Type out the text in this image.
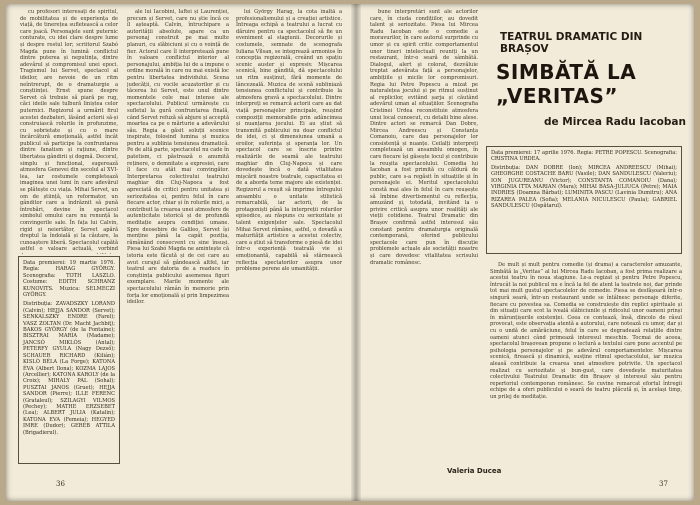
cu profesori interesați de spiritul, de mobilitatea și de experiența de viață, de tinerețea sufletească a celor care joacă. Personajele sunt puternic conturate, cu idei clare despre lume și despre rostul lor; scriitorul Szabó Magda pune în lumină conflictul dintre puterea și neputința, dintre adevărul și compromisul unei epoci. Tragismul lui Servet, spectacol al ideilor, are nevoie de un ritm neîntrerupt, de o dramaturgie a conștiinței. Ernst spune despre Servet că trebuie să piară pe rug, căci ideile sale tulbură liniștea celor puternici. Regizorul a urmărit firul acestei dezbateri, lăsând actorii să-și construiască rolurile în profunzime, cu sobrietate și cu o mare încărcătură emoțională, astfel încât publicul să participe la confruntarea dintre fanatism și rațiune, dintre libertatea gândirii și dogmă. Decorul, simplu și funcțional, sugerează atmosfera Genevei din secolul al XVI-lea, iar costumele completează imaginea unei lumi în care adevărul se plătește cu viața. Mihai Servet, un om de știință, un reformator, un gânditor care a îndrăznit să pună întrebări, devine în spectacol simbolul omului care nu renunță la convingerile sale. În fața lui Calvin, rigid și neiertător, Servet apără dreptul la îndoială și la căutare, la cunoaștere liberă. Spectacolul capătă astfel o valoare actuală, vorbind

Data premierei: 19 martie 1976. Regia: HARAG GYÖRGY. Scenografia: TOTH LASZLO. Costume: EDITH SCHRANZ KUNOVITS. Muzica: SELMECZI GYÖRGY.
Distribuția: ZAVADSZKY LORAND (Calvin); HEJJA SANDOR (Servet); SENKALSZKY ENDRE (Farel); VASZ ZOLTAN (Dr. Macht Jachbiţ); BAKOS GYÖRGY (de la Fontaine); BISZTRAI MARIA (Madame); JANCSÓ MIKLÓS (Antal); PETERFY GYULA (Nagy Dezső); SCHAUER RICHARD (Kilián); KISLÓ BÉLA (La Forge); KATONA ÉVA (Albert Ilona); KOZMA LAJOS (Arcellier); KATONA KAROLY (de la Croix); MIHALY PAL (Sohal); PUSZTAI JANOS (Gruet); HEJJA SANDOR (Pierre); ILLE FERENC (Grataleul); SZILAGYI VILMOS (Pechey); MATHE ERZSEBET (Lea); ALBERT JULIA (Katalin); KATONA EVA (Femeia); HEGYED IMRE (Dudor); GERÉB ATTILA (Brigadierul).

ale lui Iacobini, Iaftei și Laurenției, precum și Servet, care nu știe încă ce îl așteaptă. Calvin, întruchipare a autorității absolute, apare ca un personaj construit pe mai multe planuri, cu slăbiciuni și cu o voință de fier. Actorul care îl interpretează pune în valoare conflictul interior al personajului, ambiția lui de a impune o ordine morală în care nu mai există loc pentru libertatea individului. Scena judecății, cu vocile acuzatorilor și cu tăcerea lui Servet, este unul dintre momentele cele mai intense ale spectacolului. Publicul urmărește cu sufletul la gură confruntarea finală, când Servet refuză să abjure și acceptă moartea ca pe o mărturie a adevărului său. Regia a găsit soluții scenice inspirate, folosind lumina și muzica pentru a sublinia tensiunea dramatică. Pe de altă parte, spectacolul nu cade în patetism, ci păstrează o anumită reținere, o demnitate a expresiei, care îl face cu atât mai convingător. Interpretarea colectivului teatrului maghiar din Cluj-Napoca a fost apreciată de critici pentru unitatea și seriozitatea ei, pentru felul în care fiecare actor, chiar și în rolurile mici, a contribuit la crearea unei atmosfere de autenticitate istorică și de profundă meditație asupra condiției umane. Spre deosebire de Galileo, Servet își menține până la capăt poziția, rămânând consecvent cu sine însuși. Piesa lui Szabó Magda ne amintește că istoria este făcută și de cei care au avut curajul să gândească altfel, iar teatrul are datoria de a readuce în conștiința publicului asemenea figuri exemplare. Marile momente ale spectacolului rămân în memorie prin forța lor emoțională și prin limpezimea ideilor.

lui György Harag, la cota înaltă a profesionalismului și a creației artistice. Întreaga echipă a teatrului a lucrat cu dăruire pentru ca spectacolul să fie un eveniment al stagiunii. Decorurile și costumele, semnate de scenografa Iuliana Vîlsan, se integrează armonios în concepția regizorală, creând un spațiu scenic auster și expresiv. Mișcarea scenică, bine gândită, dă spectacolului un ritm susținut, fără momente de lâncezeală. Muzica de scenă subliniază tensiunea conflictului și contribuie la atmosfera gravă a spectacolului. Dintre interpreți se remarcă actorii care au dat viață personajelor principale, reușind compoziții memorabile prin adâncimea și nuanțarea jocului. Ei au știut să transmită publicului nu doar conflictul de idei, ci și dimensiunea umană a eroilor, suferința și speranța lor. Un spectacol care se înscrie printre realizările de seamă ale teatrului maghiar din Cluj-Napoca și care dovedește încă o dată vitalitatea mișcării noastre teatrale, capacitatea ei de a aborda teme majore ale existenței. Regizorul a reușit să imprime întregului ansamblu o unitate stilistică remarcabilă, iar actorii, de la protagoniști până la interpreții rolurilor episodice, au răspuns cu seriozitate și talent exigențelor sale. Spectacolul Mihai Servet rămâne, astfel, o dovadă a maturității artistice a acestui colectiv, care a știut să transforme o piesă de idei într-o experiență teatrală vie și emoționantă, capabilă să stârnească reflecția spectatorilor asupra unor probleme perene ale umanității.

36

bune interpretări sunt ale actorilor care, în ciuda condițiilor, au dovedit talent și seriozitate. Piesa lui Mircea Radu Iacoban este o comedie a moravurilor, în care autorul surprinde cu umor și cu spirit critic comportamentul unor tineri intelectuali reuniți la un restaurant, într-o seară de sâmbătă. Dialogul, alert și colorat, dezvăluie treptat adevărata față a personajelor, ambițiile și micile lor compromisuri. Regia lui Petre Popescu a mizat pe naturalețea jocului și pe ritmul susținut al replicilor, evitând șarja și căutând adevărul uman al situațiilor. Scenografia Cristinei Urdea reconstituie atmosfera unui local cunoscut, cu detalii bine alese. Dintre actori se remarcă Dan Dobre, Mircea Andreescu și Constanța Comanoiu, care dau personajelor lor consistență și nuanțe. Ceilalți interpreți completează un ansamblu omogen, în care fiecare își găsește locul și contribuie la reușita spectacolului. Comedia lui Iacoban a fost primită cu căldură de public, care s-a regăsit în situațiile și în personajele ei. Meritul spectacolului constă mai ales în felul în care reușește să îmbine divertismentul cu reflecția, amuzând și, totodată, invitând la o privire critică asupra unor realități ale vieții cotidiene. Teatrul Dramatic din Brașov confirmă astfel interesul său constant pentru dramaturgia originală contemporană, oferind publicului spectacole care pun în discuție problemele actuale ale societății noastre și care dovedesc vitalitatea scrisului dramatic românesc.

TEATRUL DRAMATIC DIN BRAȘOV
SIMBĂTĂ LA „VERITAS”
de Mircea Radu Iacoban
Data premierei: 17 aprilie 1976. Regia: PETRE POPESCU. Scenografia: CRISTINA URDEA.
Distribuția: DAN DOBRE (Ion); MIRCEA ANDREESCU (Mihai); GHEORGHE COSTACHE BARU (Vasile); DAN SANDULESCU (Valeriu); ION JUGUREANU (Victor); CONSTANTA COMANOIU (Dana); VIRGINIA ITTA MARIAN (Mara); MIHAI BASA-JULIUCA (Petre); MAIA INDRIEȘ (Doamna Bărbat); LUMINITA PASCU (Lavinia Dumitru); ANA RIZAREA PALEA (Sofia); MELANIA NICULESCU (Paula); GABRIEL SANDULESCU (Ospătarul).

De mult și mult pentru comedie (și drama) a caracterelor amuzante, Simbătă la „Veritas” al lui Mircea Radu Iacoban, a fost prima realizare a acestui teatru în noua stagiune. Le-a regizat și pentru Petre Popescu, întrucât la noi publicul nu e încă la fel de atent la teatrele noi, dar prinde tot mai mult gustul spectacolelor de comedie. Piesa se desfășoară într-o singură seară, într-un restaurant unde se întâlnesc personaje diferite, fiecare cu povestea sa. Comedia se construiește din replici spirituale și din situații care scot la iveală slăbiciunile și ridicolul unor oameni prinși în mărunțișurile existenței. Ceea ce contează, însă, dincolo de râsul provocat, este observația atentă a autorului, care notează cu umor, dar și cu o undă de amărăciune, felul în care se degradează relațiile dintre oameni atunci când primează interesul meschin. Tocmai de aceea, spectacolul brașovean propune o lectură a textului care pune accentul pe psihologia personajelor și pe adevărul comportamentelor. Mișcarea scenică, firească și dinamică, susține ritmul spectacolului, iar muzica aleasă contribuie la crearea unei atmosfere potrivite. Un spectacol realizat cu seriozitate și bun-gust, care dovedește maturitatea colectivului Teatrului Dramatic din Brașov și interesul său pentru repertoriul contemporan românesc. Se cuvine remarcat efortul întregii echipe de a oferi publicului o seară de teatru plăcută și, în același timp, un prilej de meditație.

Valeria Ducea
37
